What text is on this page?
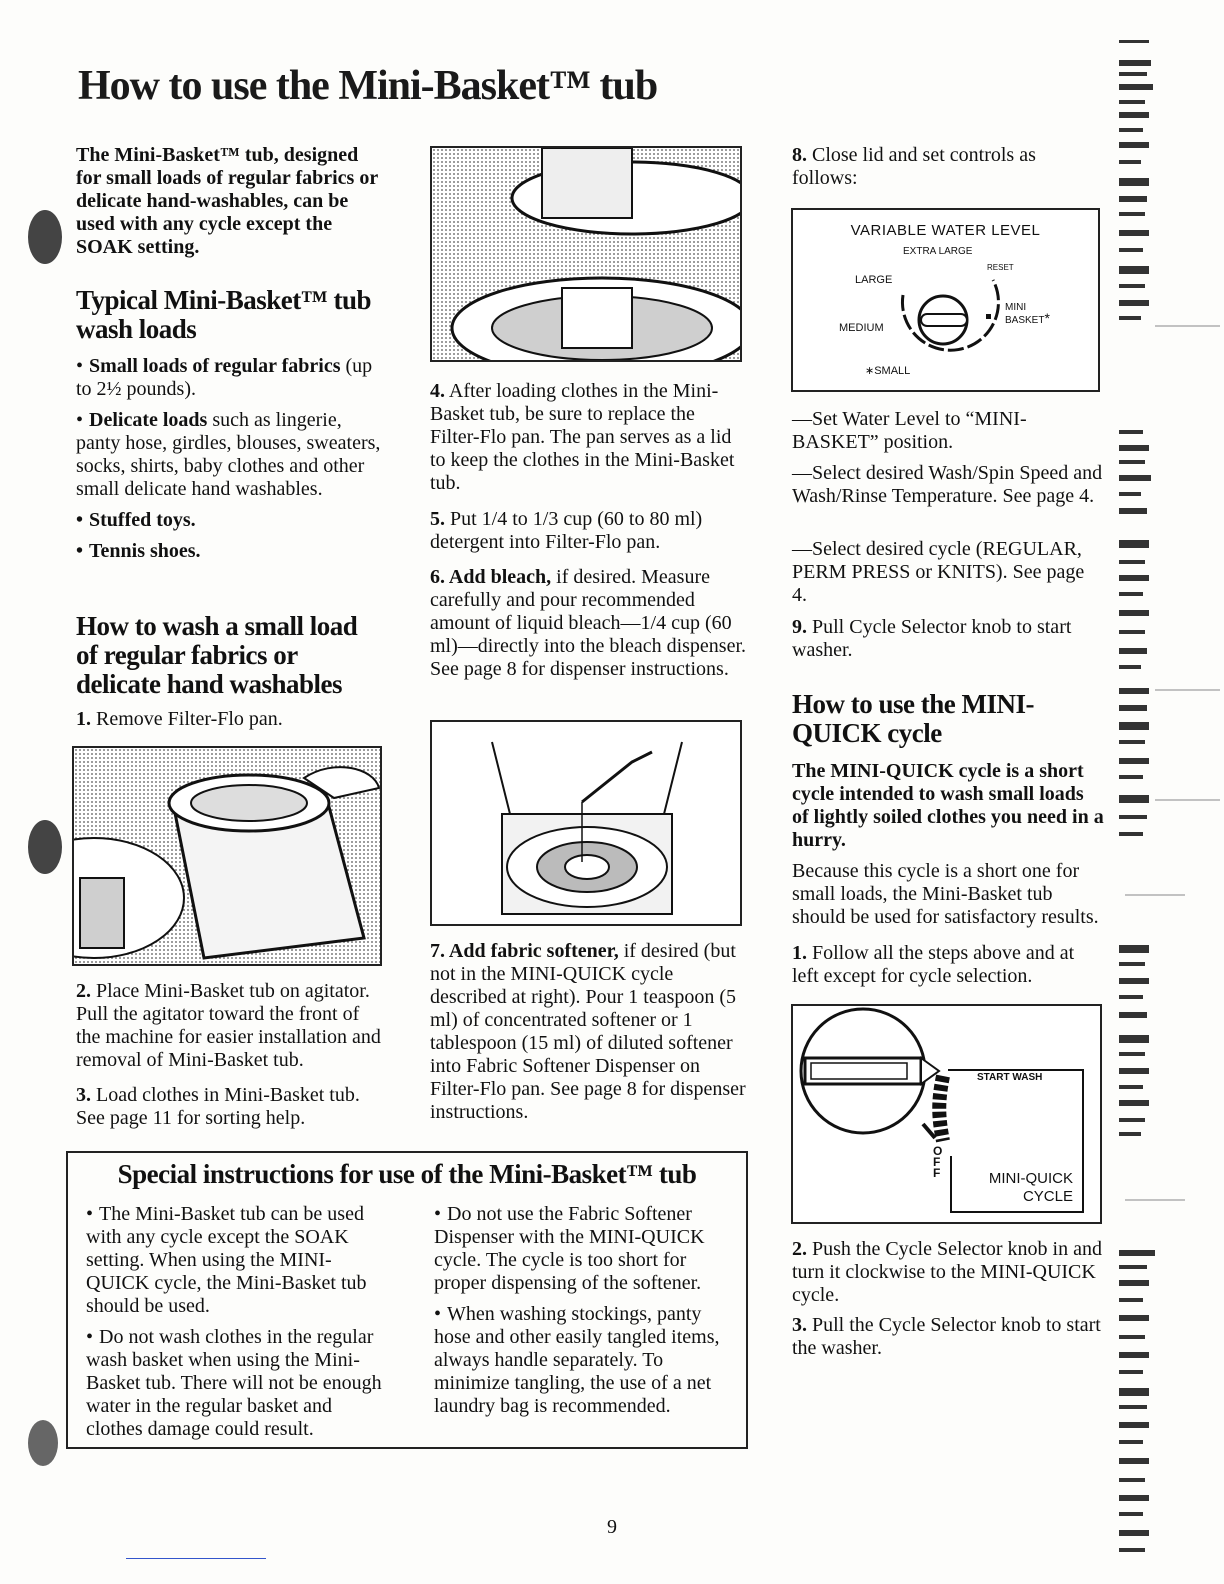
How to use the Mini-Basket™ tub

The Mini-Basket™ tub, designed for small loads of regular fabrics or delicate hand-washables, can be used with any cycle except the SOAK setting.

Typical Mini-Basket™ tub wash loads

• Small loads of regular fabrics (up to 2½ pounds).

• Delicate loads such as lingerie, panty hose, girdles, blouses, sweaters, socks, shirts, baby clothes and other small delicate hand washables.

• Stuffed toys.

• Tennis shoes.

How to wash a small load of regular fabrics or delicate hand washables

1. Remove Filter-Flo pan.

2. Place Mini-Basket tub on agitator. Pull the agitator toward the front of the machine for easier installation and removal of Mini-Basket tub.

3. Load clothes in Mini-Basket tub. See page 11 for sorting help.

4. After loading clothes in the Mini-Basket tub, be sure to replace the Filter-Flo pan. The pan serves as a lid to keep the clothes in the Mini-Basket tub.

5. Put 1/4 to 1/3 cup (60 to 80 ml) detergent into Filter-Flo pan.

6. Add bleach, if desired. Measure carefully and pour recommended amount of liquid bleach—1/4 cup (60 ml)—directly into the bleach dispenser. See page 8 for dispenser instructions.

7. Add fabric softener, if desired (but not in the MINI-QUICK cycle described at right). Pour 1 teaspoon (5 ml) of concentrated softener or 1 tablespoon (15 ml) of diluted softener into Fabric Softener Dispenser on Filter-Flo pan. See page 8 for dispenser instructions.

8. Close lid and set controls as follows:

VARIABLE WATER LEVEL
EXTRA LARGE
RESET
LARGE
MINI
BASKET*
MEDIUM
∗SMALL

—Set Water Level to “MINI-BASKET” position.

—Select desired Wash/Spin Speed and Wash/Rinse Temperature. See page 4.

—Select desired cycle (REGULAR, PERM PRESS or KNITS). See page 4.

9. Pull Cycle Selector knob to start washer.

How to use the MINI-QUICK cycle

The MINI-QUICK cycle is a short cycle intended to wash small loads of lightly soiled clothes you need in a hurry.

Because this cycle is a short one for small loads, the Mini-Basket tub should be used for satisfactory results.

1. Follow all the steps above and at left except for cycle selection.

START WASH
OFF	MINI-QUICK
CYCLE

2. Push the Cycle Selector knob in and turn it clockwise to the MINI-QUICK cycle.

3. Pull the Cycle Selector knob to start the washer.

Special instructions for use of the Mini-Basket™ tub

• The Mini-Basket tub can be used with any cycle except the SOAK setting. When using the MINI-QUICK cycle, the Mini-Basket tub should be used.

• Do not wash clothes in the regular wash basket when using the Mini-Basket tub. There will not be enough water in the regular basket and clothes damage could result.

• Do not use the Fabric Softener Dispenser with the MINI-QUICK cycle. The cycle is too short for proper dispensing of the softener.

• When washing stockings, panty hose and other easily tangled items, always handle separately. To minimize tangling, the use of a net laundry bag is recommended.

9
